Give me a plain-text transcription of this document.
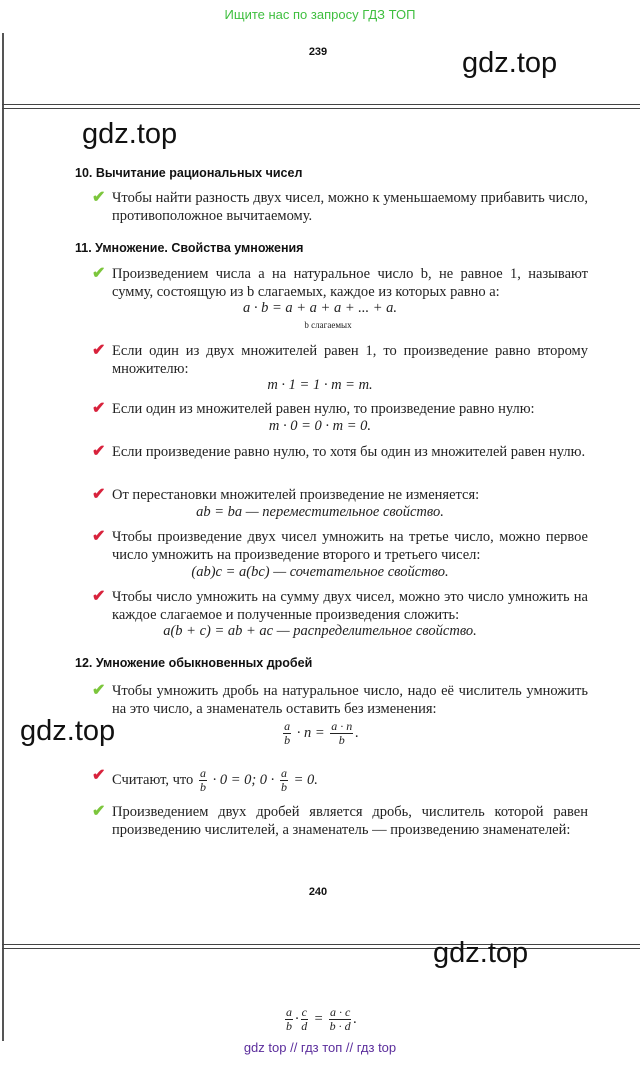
Ищите нас по запросу ГДЗ ТОП
239	gdz.top
gdz.top
10. Вычитание рациональных чисел
✔ Чтобы найти разность двух чисел, можно к уменьшаемому прибавить число, противоположное вычитаемому.
11. Умножение. Свойства умножения
✔ Произведением числа a на натуральное число b, не равное 1, называют сумму, состоящую из b слагаемых, каждое из которых равно a:
a · b = a + a + a + ... + a.
b слагаемых
✔ Если один из двух множителей равен 1, то произведение равно второму множителю:
m · 1 = 1 · m = m.
✔ Если один из множителей равен нулю, то произведение равно нулю:
m · 0 = 0 · m = 0.
✔ Если произведение равно нулю, то хотя бы один из множителей равен нулю.
✔ От перестановки множителей произведение не изменяется:
ab = ba — переместительное свойство.
✔ Чтобы произведение двух чисел умножить на третье число, можно первое число умножить на произведение второго и третьего чисел:
(ab)c = a(bc) — сочетательное свойство.
✔ Чтобы число умножить на сумму двух чисел, можно это число умножить на каждое слагаемое и полученные произведения сложить:
a(b + c) = ab + ac — распределительное свойство.
12. Умножение обыкновенных дробей
✔ Чтобы умножить дробь на натуральное число, надо её числитель умножить на это число, а знаменатель оставить без изменения:
$\frac{a}{b} \cdot n = \frac{a \cdot n}{b}$ .
gdz.top
✔ Считают, что $\frac{a}{b} \cdot 0 = 0$; $0 \cdot \frac{a}{b} = 0$.
✔ Произведением двух дробей является дробь, числитель которой равен произведению числителей, а знаменатель — произведению знаменателей:
240
gdz.top
$\frac{a}{b} \cdot \frac{c}{d} = \frac{a \cdot c}{b \cdot d}$ .
gdz top // гдз топ // гдз top
